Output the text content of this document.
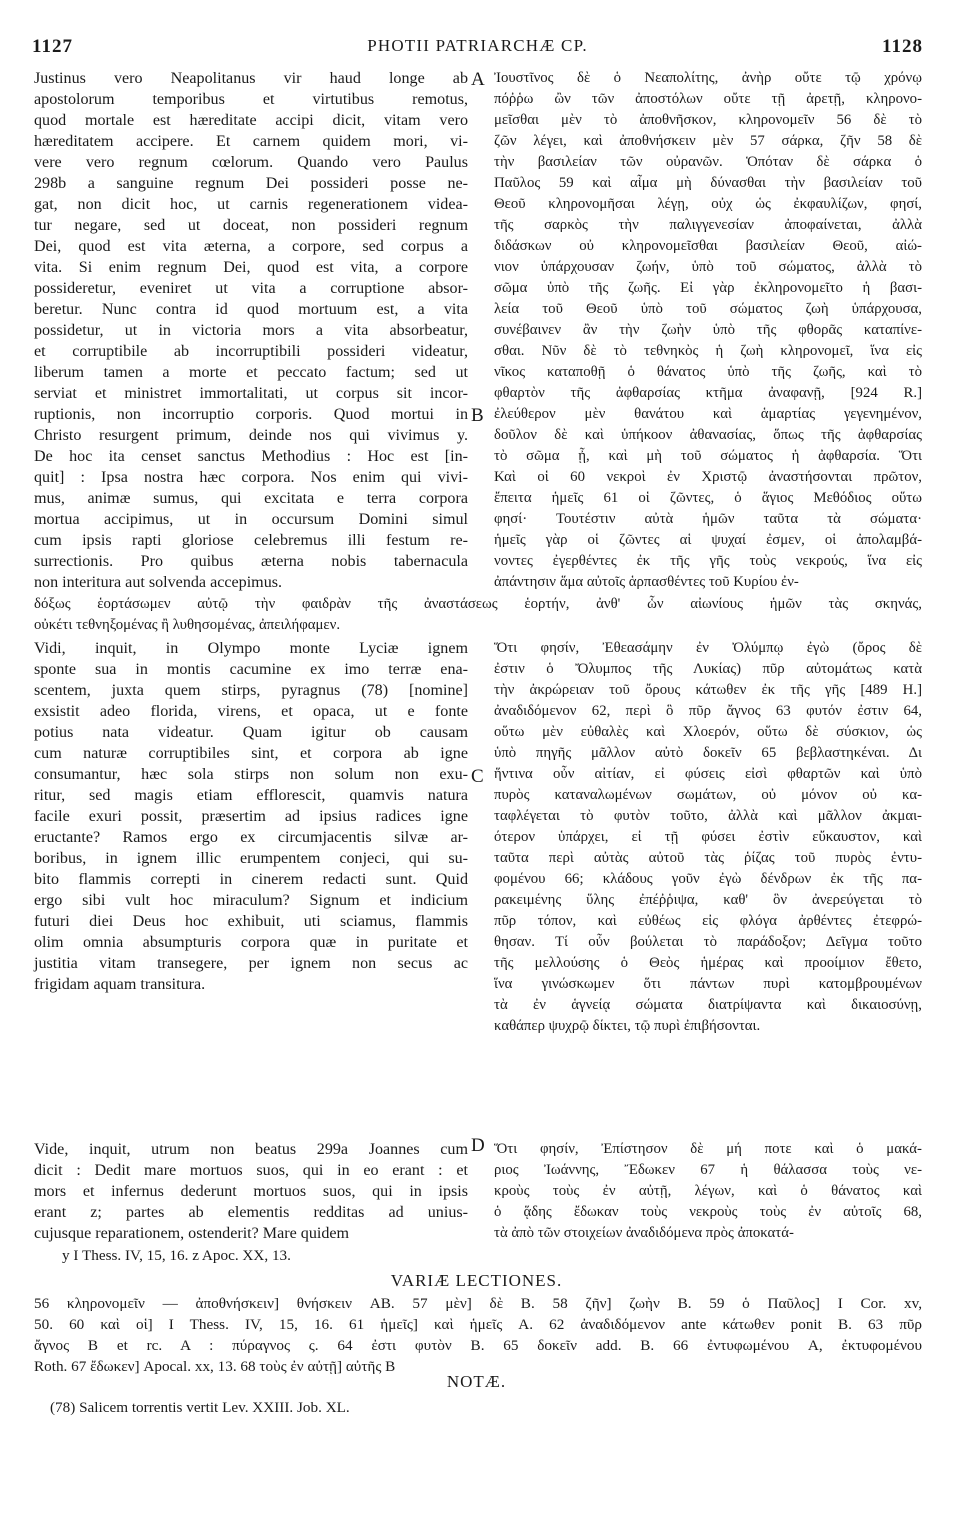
1127	PHOTII PATRIARCHÆ CP.	1128
A
B
C
D
Justinus vero Neapolitanus vir haud longe ab
apostolorum temporibus et virtutibus remotus,
quod mortale est hæreditate accipi dicit, vitam vero
hæreditatem accipere. Et carnem quidem mori, vi-
vere vero regnum cœlorum. Quando vero Paulus
298b a sanguine regnum Dei possideri posse ne-
gat, non dicit hoc, ut carnis regenerationem videa-
tur negare, sed ut doceat, non possideri regnum
Dei, quod est vita æterna, a corpore, sed corpus a
vita. Si enim regnum Dei, quod est vita, a corpore
possideretur, eveniret ut vita a corruptione absor-
beretur. Nunc contra id quod mortuum est, a vita
possidetur, ut in victoria mors a vita absorbeatur,
et corruptibile ab incorruptibili possideri videatur,
liberum tamen a morte et peccato factum; sed ut
serviat et ministret immortalitati, ut corpus sit incor-
ruptionis, non incorruptio corporis. Quod mortui in
Christo resurgent primum, deinde nos qui vivimus y.
De hoc ita censet sanctus Methodius : Hoc est [in-
quit] : Ipsa nostra hæc corpora. Nos enim qui vivi-
mus, animæ sumus, qui excitata e terra corpora
mortua accipimus, ut in occursum Domini simul
cum ipsis rapti gloriose celebremus illi festum re-
surrectionis. Pro quibus æterna nobis tabernacula
non interitura aut solvenda accepimus.
Ἰουστῖνος δὲ ὁ Νεαπολίτης, ἀνὴρ οὔτε τῷ χρόνῳ
πόῤῥω ὢν τῶν ἀποστόλων οὔτε τῇ ἀρετῇ, κληρονο-
μεῖσθαι μὲν τὸ ἀποθνῆσκον, κληρονομεῖν 56 δὲ τὸ
ζῶν λέγει, καὶ ἀποθνήσκειν μὲν 57 σάρκα, ζῆν 58 δὲ
τὴν βασιλείαν τῶν οὐρανῶν. Ὁπόταν δὲ σάρκα ὁ
Παῦλος 59 καὶ αἷμα μὴ δύνασθαι τὴν βασιλείαν τοῦ
Θεοῦ κληρονομῆσαι λέγῃ, οὐχ ὡς ἐκφαυλίζων, φησί,
τῆς σαρκὸς τὴν παλιγγενεσίαν ἀποφαίνεται, ἀλλὰ
διδάσκων οὐ κληρονομεῖσθαι βασιλείαν Θεοῦ, αἰώ-
νιον ὑπάρχουσαν ζωήν, ὑπὸ τοῦ σώματος, ἀλλὰ τὸ
σῶμα ὑπὸ τῆς ζωῆς. Εἰ γὰρ ἐκληρονομεῖτο ἡ βασι-
λεία τοῦ Θεοῦ ὑπὸ τοῦ σώματος ζωὴ ὑπάρχουσα,
συνέβαινεν ἂν τὴν ζωὴν ὑπὸ τῆς φθορᾶς καταπίνε-
σθαι. Νῦν δὲ τὸ τεθνηκὸς ἡ ζωὴ κληρονομεῖ, ἵνα εἰς
νῖκος καταποθῇ ὁ θάνατος ὑπὸ τῆς ζωῆς, καὶ τὸ
φθαρτὸν τῆς ἀφθαρσίας κτῆμα ἀναφανῇ, [924 R.]
ἐλεύθερον μὲν θανάτου καὶ ἁμαρτίας γεγενημένον,
δοῦλον δὲ καὶ ὑπήκοον ἀθανασίας, ὅπως τῆς ἀφθαρσίας
τὸ σῶμα ᾖ, καὶ μὴ τοῦ σώματος ἡ ἀφθαρσία. Ὅτι
Καὶ οἱ 60 νεκροὶ ἐν Χριστῷ ἀναστήσονται πρῶτον,
ἔπειτα ἡμεῖς 61 οἱ ζῶντες, ὁ ἅγιος Μεθόδιος οὕτω
φησί· Τουτέστιν αὐτὰ ἡμῶν ταῦτα τὰ σώματα·
ἡμεῖς γὰρ οἱ ζῶντες αἱ ψυχαί ἐσμεν, οἱ ἀπολαμβά-
νοντες ἐγερθέντες ἐκ τῆς γῆς τοὺς νεκρούς, ἵνα εἰς
ἀπάντησιν ἅμα αὐτοῖς ἁρπασθέντες τοῦ Κυρίου ἐν-
δόξως ἑορτάσωμεν αὐτῷ τὴν φαιδρὰν τῆς ἀναστάσεως ἑορτήν, ἀνθ' ὧν αἰωνίους ἡμῶν τὰς σκηνάς,
οὐκέτι τεθνηξομένας ἢ λυθησομένας, ἀπειλήφαμεν.
Vidi, inquit, in Olympo monte Lyciæ ignem
sponte sua in montis cacumine ex imo terræ ena-
scentem, juxta quem stirps, pyragnus (78) [nomine]
exsistit adeo florida, virens, et opaca, ut e fonte
potius nata videatur. Quam igitur ob causam
cum naturæ corruptibiles sint, et corpora ab igne
consumantur, hæc sola stirps non solum non exu-
ritur, sed magis etiam efflorescit, quamvis natura
facile exuri possit, præsertim ad ipsius radices igne
eructante? Ramos ergo ex circumjacentis silvæ ar-
boribus, in ignem illic erumpentem conjeci, qui su-
bito flammis correpti in cinerem redacti sunt. Quid
ergo sibi vult hoc miraculum? Signum et indicium
futuri diei Deus hoc exhibuit, uti sciamus, flammis
olim omnia absumpturis corpora quæ in puritate et
justitia vitam transegere, per ignem non secus ac
frigidam aquam transitura.
Ὅτι φησίν, Ἐθεασάμην ἐν Ὀλύμπῳ ἐγὼ (ὄρος δὲ
ἐστιν ὁ Ὄλυμπος τῆς Λυκίας) πῦρ αὐτομάτως κατὰ
τὴν ἀκρώρειαν τοῦ ὄρους κάτωθεν ἐκ τῆς γῆς [489 H.]
ἀναδιδόμενον 62, περὶ ὃ πῦρ ἄγνος 63 φυτόν ἐστιν 64,
οὕτω μὲν εὐθαλὲς καὶ Χλοερόν, οὕτω δὲ σύσκιον, ὡς
ὑπὸ πηγῆς μᾶλλον αὐτὸ δοκεῖν 65 βεβλαστηκέναι. Δι
ἥντινα οὖν αἰτίαν, εἰ φύσεις εἰσὶ φθαρτῶν καὶ ὑπὸ
πυρὸς καταναλωμένων σωμάτων, οὐ μόνον οὐ κα-
ταφλέγεται τὸ φυτὸν τοῦτο, ἀλλὰ καὶ μᾶλλον ἀκμαι-
ότερον ὑπάρχει, εἰ τῇ φύσει ἐστὶν εὔκαυστον, καὶ
ταῦτα περὶ αὐτὰς αὐτοῦ τὰς ῥίζας τοῦ πυρὸς ἐντυ-
φομένου 66; κλάδους γοῦν ἐγὼ δένδρων ἐκ τῆς πα-
ρακειμένης ὕλης ἐπέῤῥιψα, καθ' ὃν ἀνερεύγεται τὸ
πῦρ τόπον, καὶ εὐθέως εἰς φλόγα ἀρθέντες ἐτεφρώ-
θησαν. Τί οὖν βούλεται τὸ παράδοξον; Δεῖγμα τοῦτο
τῆς μελλούσης ὁ Θεὸς ἡμέρας καὶ προοίμιον ἔθετο,
ἵνα γινώσκωμεν ὅτι πάντων πυρὶ κατομβρουμένων
τὰ ἐν ἁγνείᾳ σώματα διατρίψαντα καὶ δικαιοσύνῃ,
καθάπερ ψυχρῷ δίκτει, τῷ πυρὶ ἐπιβήσονται.
Vide, inquit, utrum non beatus 299a Joannes cum
dicit : Dedit mare mortuos suos, qui in eo erant : et
mors et infernus dederunt mortuos suos, qui in ipsis
erant z; partes ab elementis redditas ad unius-
cujusque reparationem, ostenderit? Mare quidem
Ὅτι φησίν, Ἐπίστησον δὲ μή ποτε καὶ ὁ μακά-
ριος Ἰωάννης, Ἔδωκεν 67 ἡ θάλασσα τοὺς νε-
κροὺς τοὺς ἐν αὐτῇ, λέγων, καὶ ὁ θάνατος καὶ
ὁ ᾅδης ἔδωκαν τοὺς νεκροὺς τοὺς ἐν αὐτοῖς 68,
τὰ ἀπὸ τῶν στοιχείων ἀναδιδόμενα πρὸς ἀποκατά-
y I Thess. IV, 15, 16. z Apoc. XX, 13.
VARIÆ LECTIONES.
56 κληρονομεῖν — ἀποθνήσκειν] θνήσκειν AB. 57 μὲν] δὲ B. 58 ζῆν] ζωὴν B. 59 ὁ Παῦλος] I Cor. xv,
50. 60 καὶ οἱ] I Thess. IV, 15, 16. 61 ἡμεῖς] καὶ ἡμεῖς A. 62 ἀναδιδόμενον ante κάτωθεν ponit B. 63 πῦρ
ἄγνος B et rc. A : πύραγνος ς. 64 ἐστι φυτὸν B. 65 δοκεῖν add. B. 66 ἐντυφωμένου A, ἐκτυφομένου
Roth. 67 ἔδωκεν] Apocal. xx, 13. 68 τοὺς ἐν αὐτῇ] αὐτῆς B
NOTÆ.
(78) Salicem torrentis vertit Lev. XXIII. Job. XL.
